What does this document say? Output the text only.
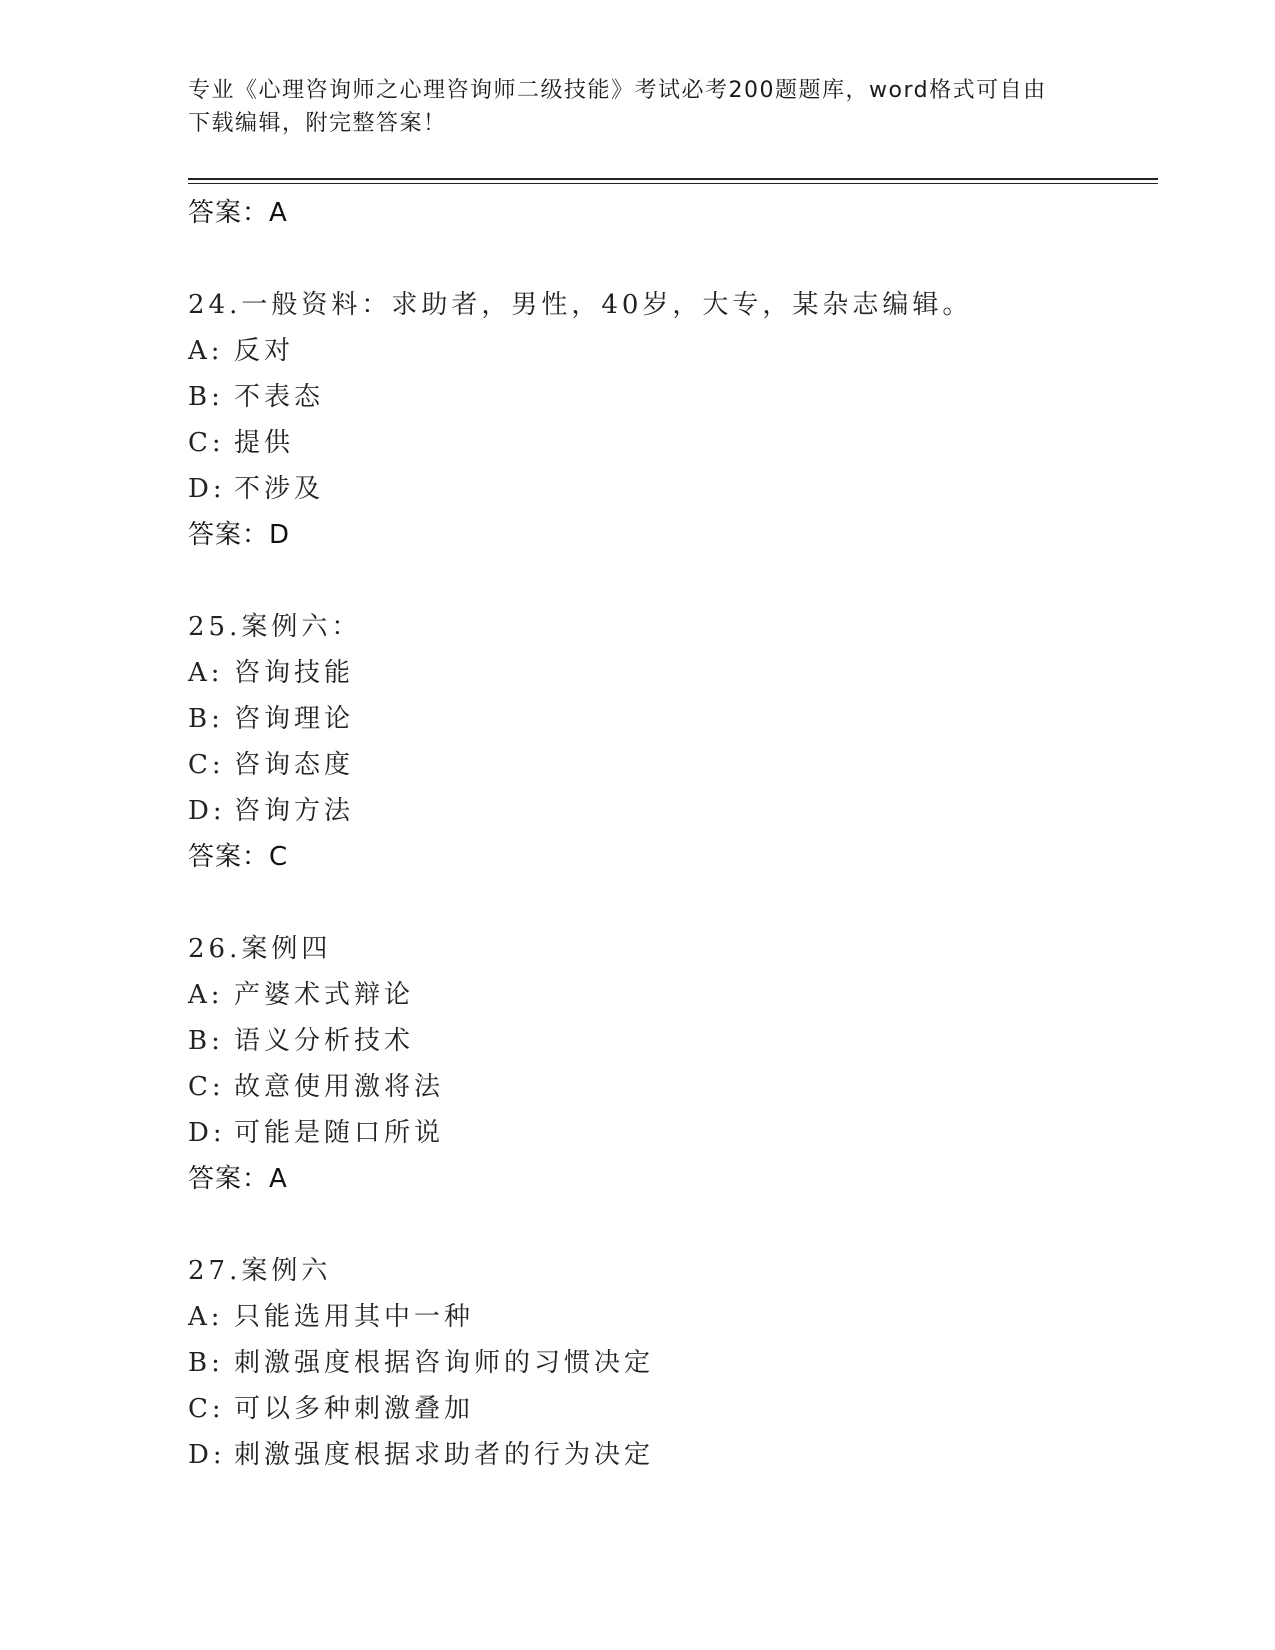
专业《心理咨询师之心理咨询师二级技能》考试必考200题题库，word格式可自由下载编辑，附完整答案！
答案：A
24.一般资料：求助者，男性，40岁，大专，某杂志编辑。
A: 反对
B: 不表态
C: 提供
D: 不涉及
答案：D
25.案例六：
A: 咨询技能
B: 咨询理论
C: 咨询态度
D: 咨询方法
答案：C
26.案例四
A: 产婆术式辩论
B: 语义分析技术
C: 故意使用激将法
D: 可能是随口所说
答案：A
27.案例六
A: 只能选用其中一种
B: 刺激强度根据咨询师的习惯决定
C: 可以多种刺激叠加
D: 刺激强度根据求助者的行为决定
